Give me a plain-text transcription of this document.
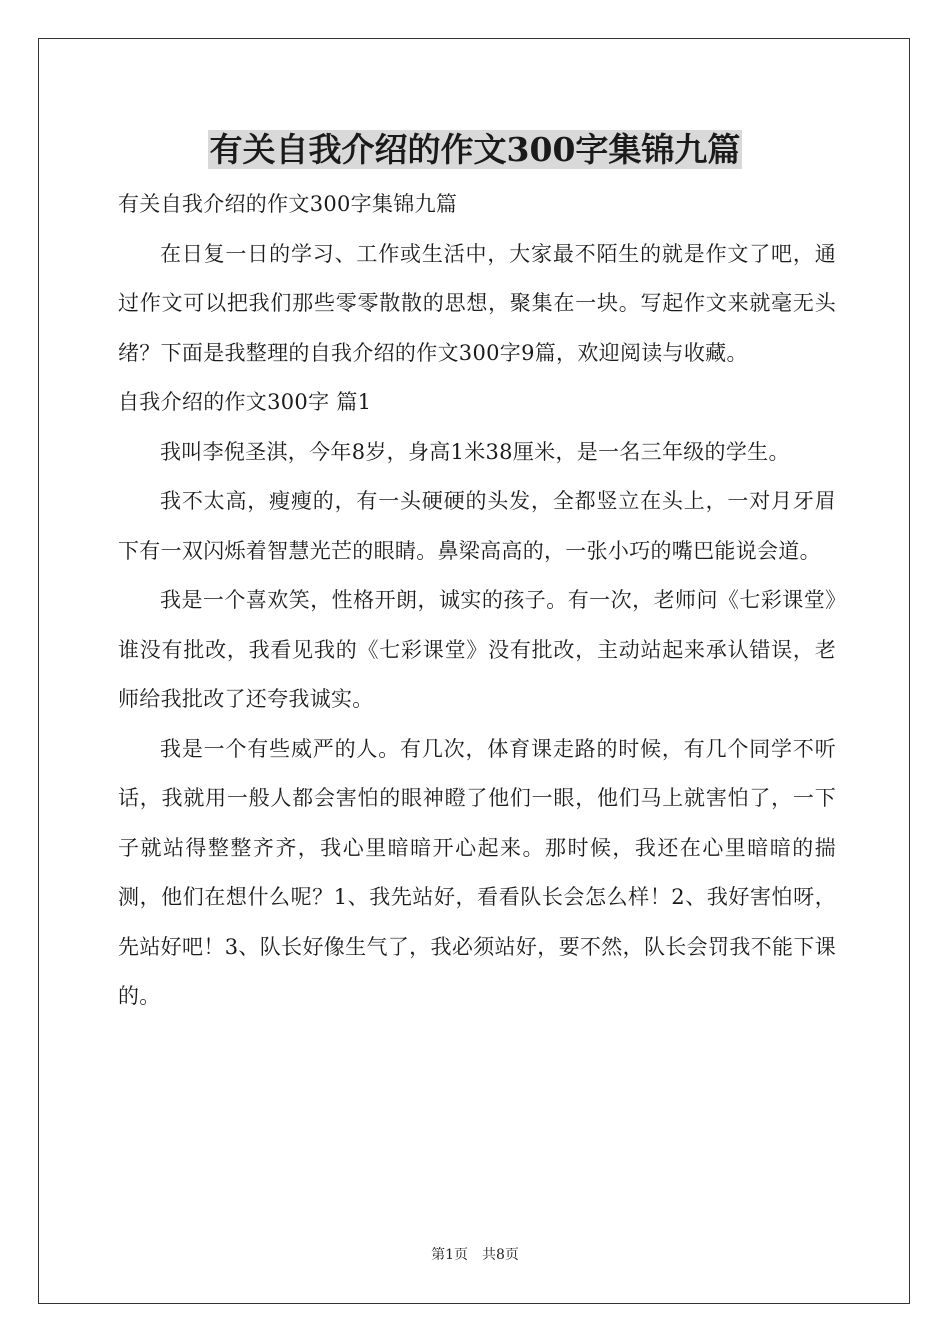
有关自我介绍的作文300字集锦九篇

有关自我介绍的作文300字集锦九篇

在日复一日的学习、工作或生活中，大家最不陌生的就是作文了吧，通过作文可以把我们那些零零散散的思想，聚集在一块。写起作文来就毫无头绪？下面是我整理的自我介绍的作文300字9篇，欢迎阅读与收藏。

自我介绍的作文300字 篇1

我叫李倪圣淇，今年8岁，身高1米38厘米，是一名三年级的学生。

我不太高，瘦瘦的，有一头硬硬的头发，全都竖立在头上，一对月牙眉下有一双闪烁着智慧光芒的眼睛。鼻梁高高的，一张小巧的嘴巴能说会道。

我是一个喜欢笑，性格开朗，诚实的孩子。有一次，老师问《七彩课堂》谁没有批改，我看见我的《七彩课堂》没有批改，主动站起来承认错误，老师给我批改了还夸我诚实。

我是一个有些威严的人。有几次，体育课走路的时候，有几个同学不听话，我就用一般人都会害怕的眼神瞪了他们一眼，他们马上就害怕了，一下子就站得整整齐齐，我心里暗暗开心起来。那时候，我还在心里暗暗的揣测，他们在想什么呢？1、我先站好，看看队长会怎么样！2、我好害怕呀，先站好吧！3、队长好像生气了，我必须站好，要不然，队长会罚我不能下课的。

第1页 共8页
